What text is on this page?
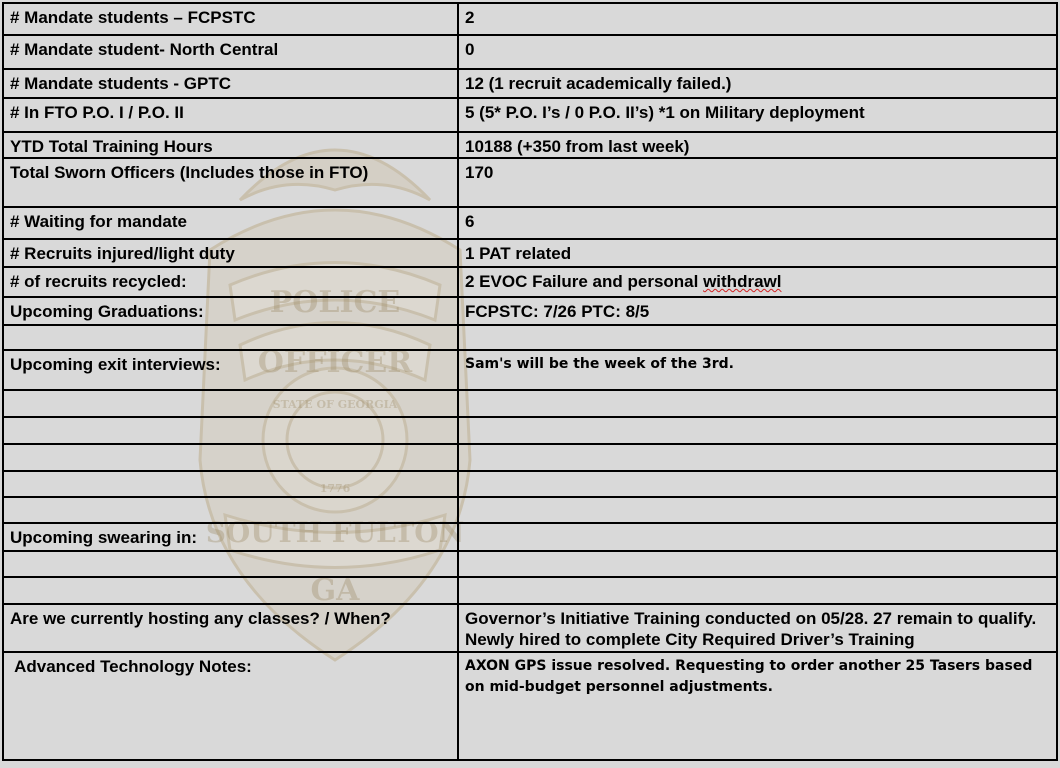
POLICE
OFFICER
STATE OF GEORGIA
1776
SOUTH FULTON
GA
# Mandate students – FCPSTC	2
# Mandate student- North Central	0
# Mandate students - GPTC	12 (1 recruit academically failed.)
# In FTO P.O. I / P.O. II	5 (5* P.O. I’s / 0 P.O. II’s) *1 on Military deployment
YTD Total Training Hours	10188 (+350 from last week)
Total Sworn Officers (Includes those in FTO)	170
# Waiting for mandate	6
# Recruits injured/light duty	1 PAT related
# of recruits recycled:	2 EVOC Failure and personal withdrawl
Upcoming Graduations:	FCPSTC: 7/26 PTC: 8/5

Upcoming exit interviews:	Sam's will be the week of the 3rd.

Upcoming swearing in:	

Are we currently hosting any classes? / When?	Governor’s Initiative Training conducted on 05/28. 27 remain to qualify. Newly hired to complete City Required Driver’s Training
Advanced Technology Notes:	AXON GPS issue resolved. Requesting to order another 25 Tasers based on mid-budget personnel adjustments.
